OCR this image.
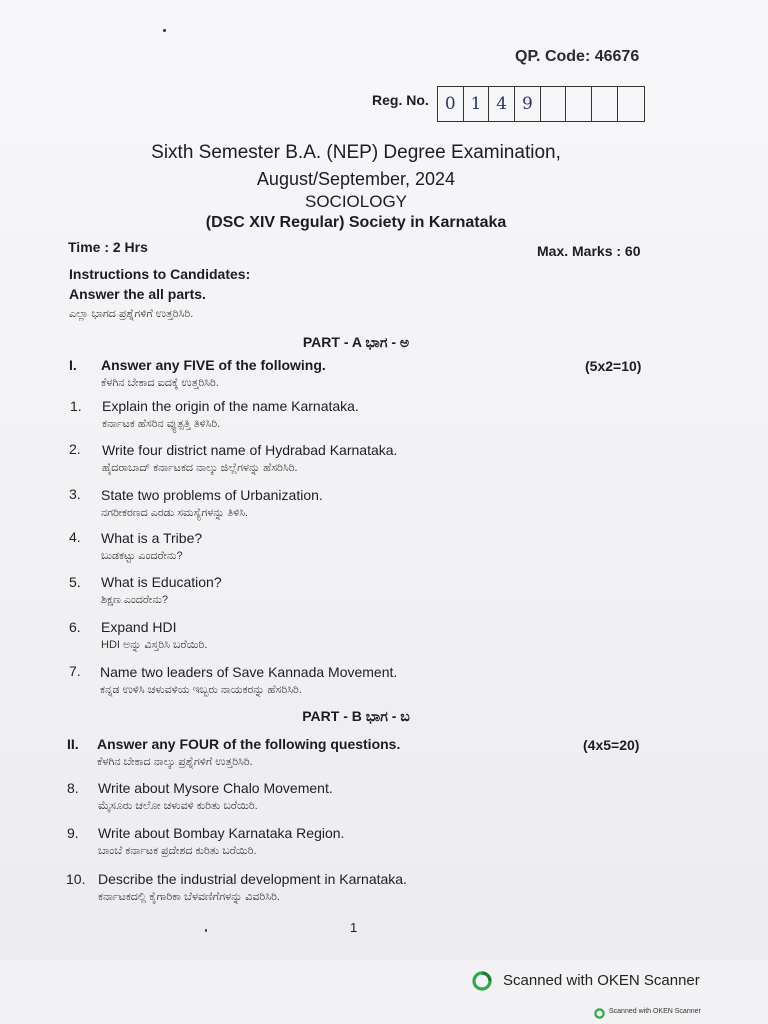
QP. Code: 46676
Reg. No. 0 1 4 9
Sixth Semester B.A. (NEP) Degree Examination,
August/September, 2024
SOCIOLOGY
(DSC XIV Regular) Society in Karnataka
Time : 2 Hrs	Max. Marks : 60
Instructions to Candidates:
Answer the all parts.
ಎಲ್ಲಾ ಭಾಗದ ಪ್ರಶ್ನೆಗಳಿಗೆ ಉತ್ತರಿಸಿರಿ.
PART - A ಭಾಗ - ಅ
I. Answer any FIVE of the following.	(5x2=10)
ಕೆಳಗಿನ ಬೇಕಾದ ಐದಕ್ಕೆ ಉತ್ತರಿಸಿರಿ.
1. Explain the origin of the name Karnataka.
ಕರ್ನಾಟಕ ಹೆಸರಿನ ವ್ಯುತ್ಪತ್ತಿ ತಿಳಿಸಿರಿ.
2. Write four district name of Hydrabad Karnataka.
ಹೈದರಾಬಾದ್ ಕರ್ನಾಟಕದ ನಾಲ್ಕು ಜಿಲ್ಲೆಗಳನ್ನು ಹೆಸರಿಸಿರಿ.
3. State two problems of Urbanization.
ನಗರೀಕರಣದ ಎರಡು ಸಮಸ್ಯೆಗಳನ್ನು ತಿಳಿಸಿ.
4. What is a Tribe?
ಬುಡಕಟ್ಟು ಎಂದರೇನು?
5. What is Education?
ಶಿಕ್ಷಣ ಎಂದರೇನು?
6. Expand HDI
HDI ಅನ್ನು ವಿಸ್ತರಿಸಿ ಬರೆಯಿರಿ.
7. Name two leaders of Save Kannada Movement.
ಕನ್ನಡ ಉಳಿಸಿ ಚಳುವಳಿಯ ಇಬ್ಬರು ನಾಯಕರನ್ನು ಹೆಸರಿಸಿರಿ.
PART - B ಭಾಗ - ಬ
II. Answer any FOUR of the following questions.	(4x5=20)
ಕೆಳಗಿನ ಬೇಕಾದ ನಾಲ್ಕು ಪ್ರಶ್ನೆಗಳಿಗೆ ಉತ್ತರಿಸಿರಿ.
8. Write about Mysore Chalo Movement.
ಮೈಸೂರು ಚಲೋ ಚಳುವಳಿ ಕುರಿತು ಬರೆಯಿರಿ.
9. Write about Bombay Karnataka Region.
ಬಾಂಬೆ ಕರ್ನಾಟಕ ಪ್ರದೇಶದ ಕುರಿತು ಬರೆಯಿರಿ.
10. Describe the industrial development in Karnataka.
ಕರ್ನಾಟಕದಲ್ಲಿ ಕೈಗಾರಿಕಾ ಬೆಳವಣಿಗೆಗಳನ್ನು ವಿವರಿಸಿರಿ.
1
Scanned with OKEN Scanner
Scanned with OKEN Scanner
